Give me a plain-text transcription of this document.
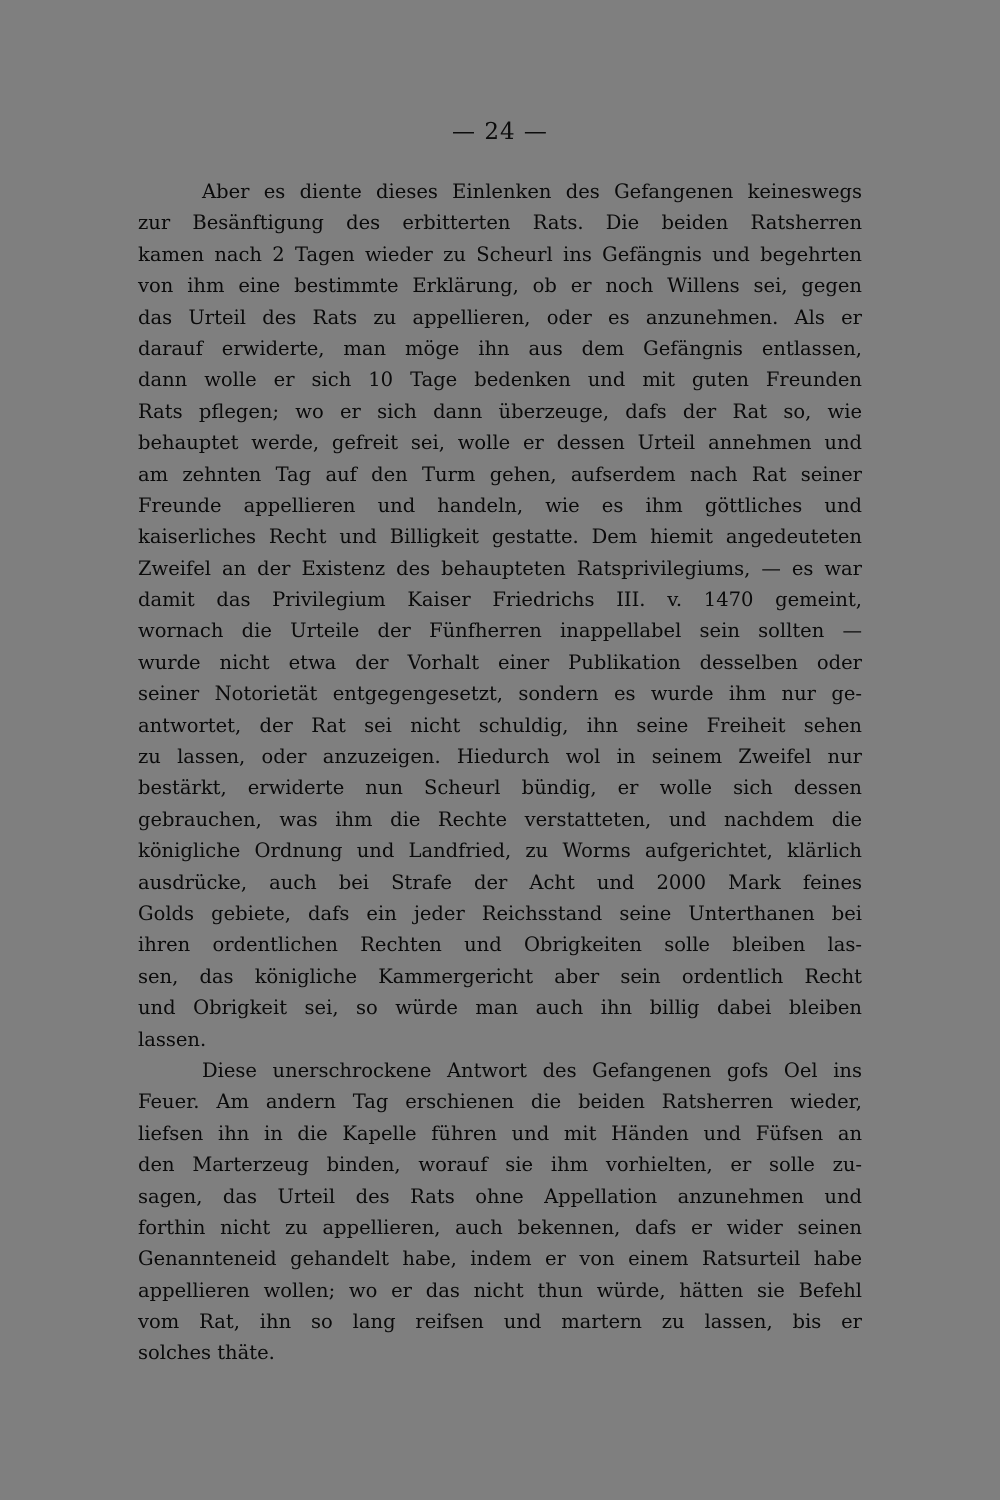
— 24 —
Aber es diente dieses Einlenken des Gefangenen keineswegs
zur Besänftigung des erbitterten Rats. Die beiden Ratsherren
kamen nach 2 Tagen wieder zu Scheurl ins Gefängnis und begehrten
von ihm eine bestimmte Erklärung, ob er noch Willens sei, gegen
das Urteil des Rats zu appellieren, oder es anzunehmen. Als er
darauf erwiderte, man möge ihn aus dem Gefängnis entlassen,
dann wolle er sich 10 Tage bedenken und mit guten Freunden
Rats pflegen; wo er sich dann überzeuge, dafs der Rat so, wie
behauptet werde, gefreit sei, wolle er dessen Urteil annehmen und
am zehnten Tag auf den Turm gehen, aufserdem nach Rat seiner
Freunde appellieren und handeln, wie es ihm göttliches und
kaiserliches Recht und Billigkeit gestatte. Dem hiemit angedeuteten
Zweifel an der Existenz des behaupteten Ratsprivilegiums, — es war
damit das Privilegium Kaiser Friedrichs III. v. 1470 gemeint,
wornach die Urteile der Fünfherren inappellabel sein sollten —
wurde nicht etwa der Vorhalt einer Publikation desselben oder
seiner Notorietät entgegengesetzt, sondern es wurde ihm nur ge-
antwortet, der Rat sei nicht schuldig, ihn seine Freiheit sehen
zu lassen, oder anzuzeigen. Hiedurch wol in seinem Zweifel nur
bestärkt, erwiderte nun Scheurl bündig, er wolle sich dessen
gebrauchen, was ihm die Rechte verstatteten, und nachdem die
königliche Ordnung und Landfried, zu Worms aufgerichtet, klärlich
ausdrücke, auch bei Strafe der Acht und 2000 Mark feines
Golds gebiete, dafs ein jeder Reichsstand seine Unterthanen bei
ihren ordentlichen Rechten und Obrigkeiten solle bleiben las-
sen, das königliche Kammergericht aber sein ordentlich Recht
und Obrigkeit sei, so würde man auch ihn billig dabei bleiben
lassen.
Diese unerschrockene Antwort des Gefangenen gofs Oel ins
Feuer. Am andern Tag erschienen die beiden Ratsherren wieder,
liefsen ihn in die Kapelle führen und mit Händen und Füfsen an
den Marterzeug binden, worauf sie ihm vorhielten, er solle zu-
sagen, das Urteil des Rats ohne Appellation anzunehmen und
forthin nicht zu appellieren, auch bekennen, dafs er wider seinen
Genannteneid gehandelt habe, indem er von einem Ratsurteil habe
appellieren wollen; wo er das nicht thun würde, hätten sie Befehl
vom Rat, ihn so lang reifsen und martern zu lassen, bis er
solches thäte.
